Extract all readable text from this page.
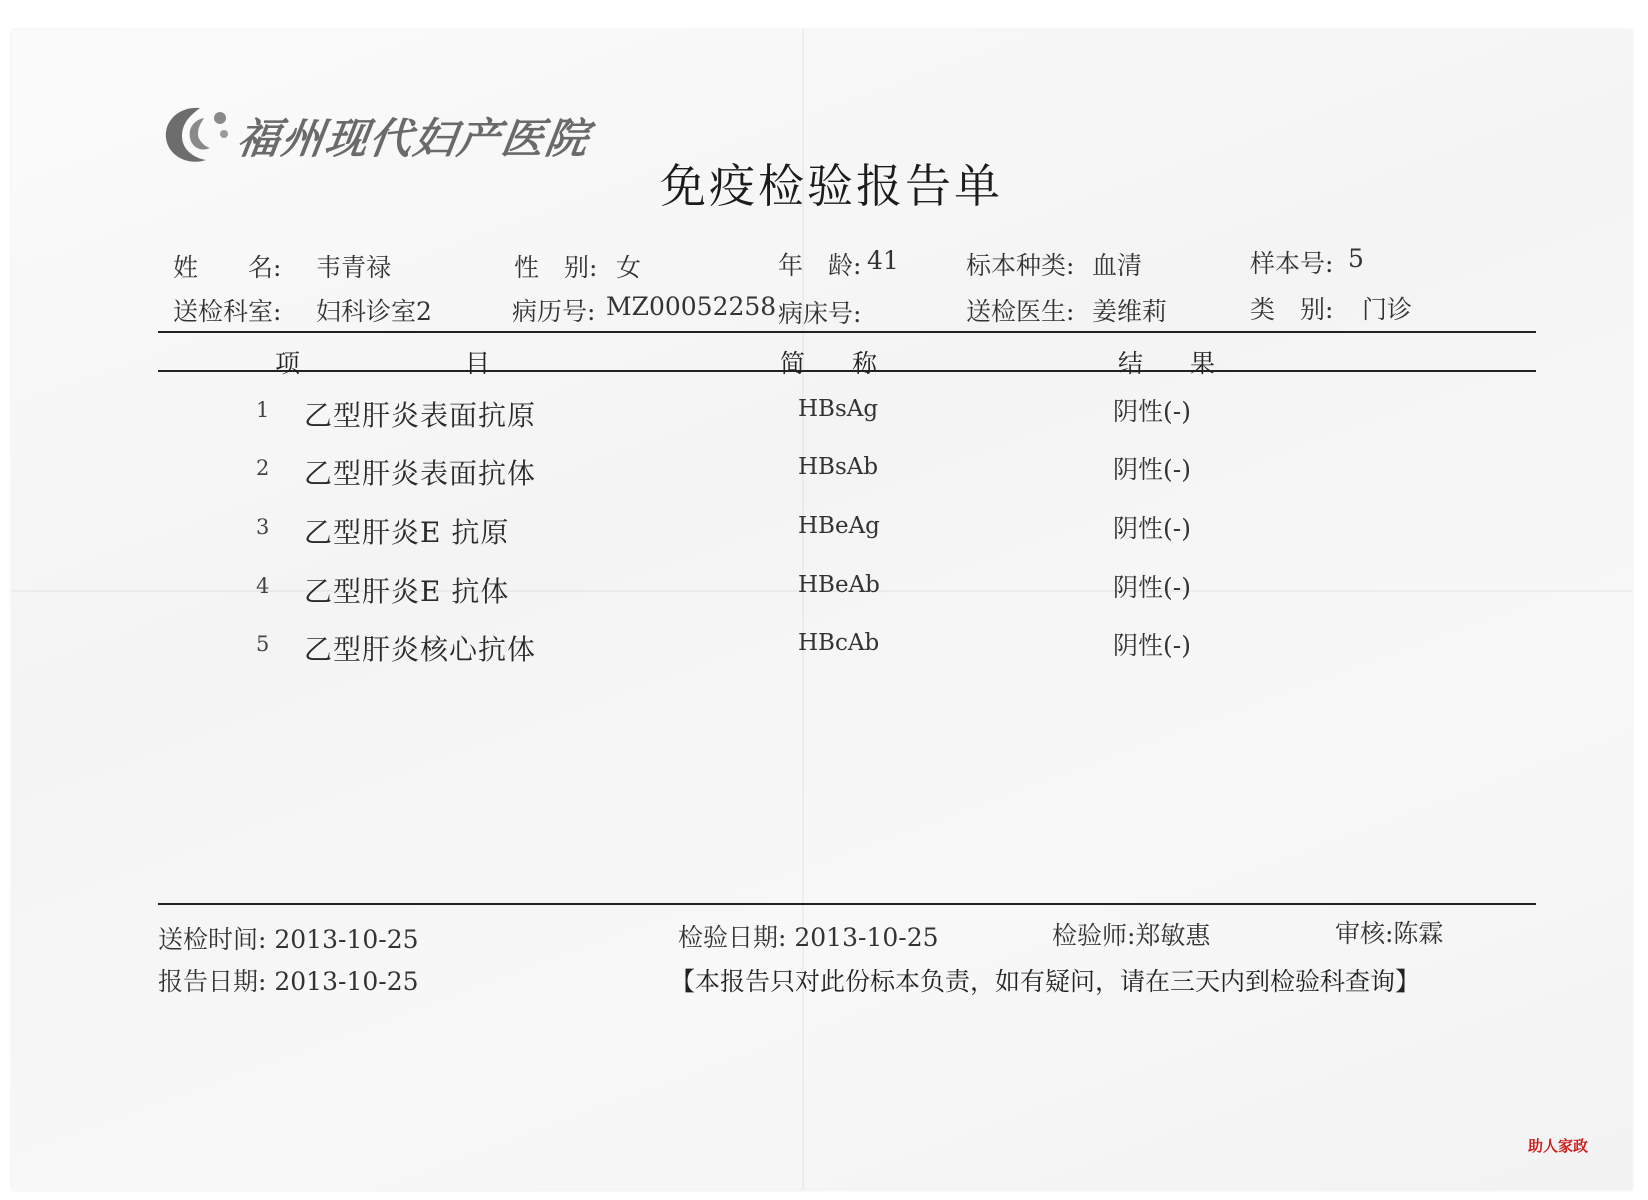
福州现代妇产医院
免疫检验报告单
姓　　名: 韦青禄	性　别: 女	年　龄: 41	标本种类: 血清	样本号: 5
送检科室: 妇科诊室2	病历号: MZ00052258 病床号:	送检医生: 姜维莉	类　别: 门诊
项	目	简 称	结 果
1 乙型肝炎表面抗原	HBsAg	阴性(-)
2 乙型肝炎表面抗体	HBsAb	阴性(-)
3 乙型肝炎E 抗原	HBeAg	阴性(-)
4 乙型肝炎E 抗体	HBeAb	阴性(-)
5 乙型肝炎核心抗体	HBcAb	阴性(-)
送检时间: 2013-10-25	检验日期: 2013-10-25	检验师:郑敏惠	审核:陈霖
报告日期: 2013-10-25	【本报告只对此份标本负责，如有疑问，请在三天内到检验科查询】
助人家政
